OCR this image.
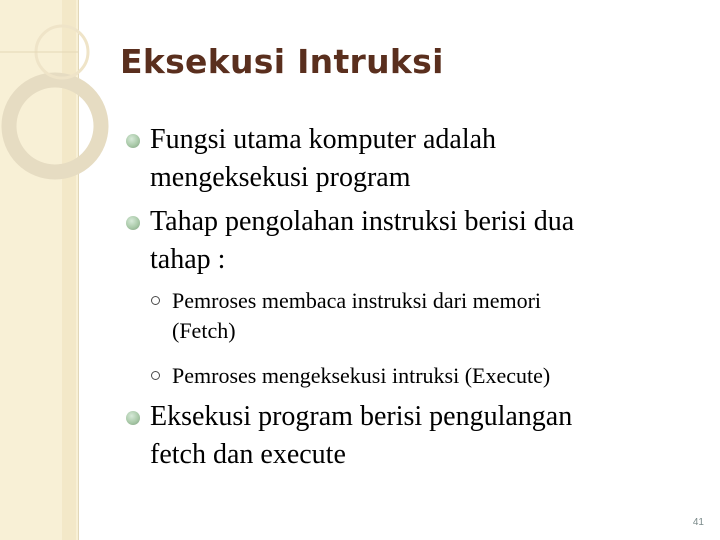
Eksekusi Intruksi
Fungsi utama komputer adalah
mengeksekusi program
Tahap pengolahan instruksi berisi dua
tahap :
Pemroses membaca instruksi dari memori
(Fetch)
Pemroses mengeksekusi intruksi (Execute)
Eksekusi program berisi pengulangan
fetch dan execute
41
